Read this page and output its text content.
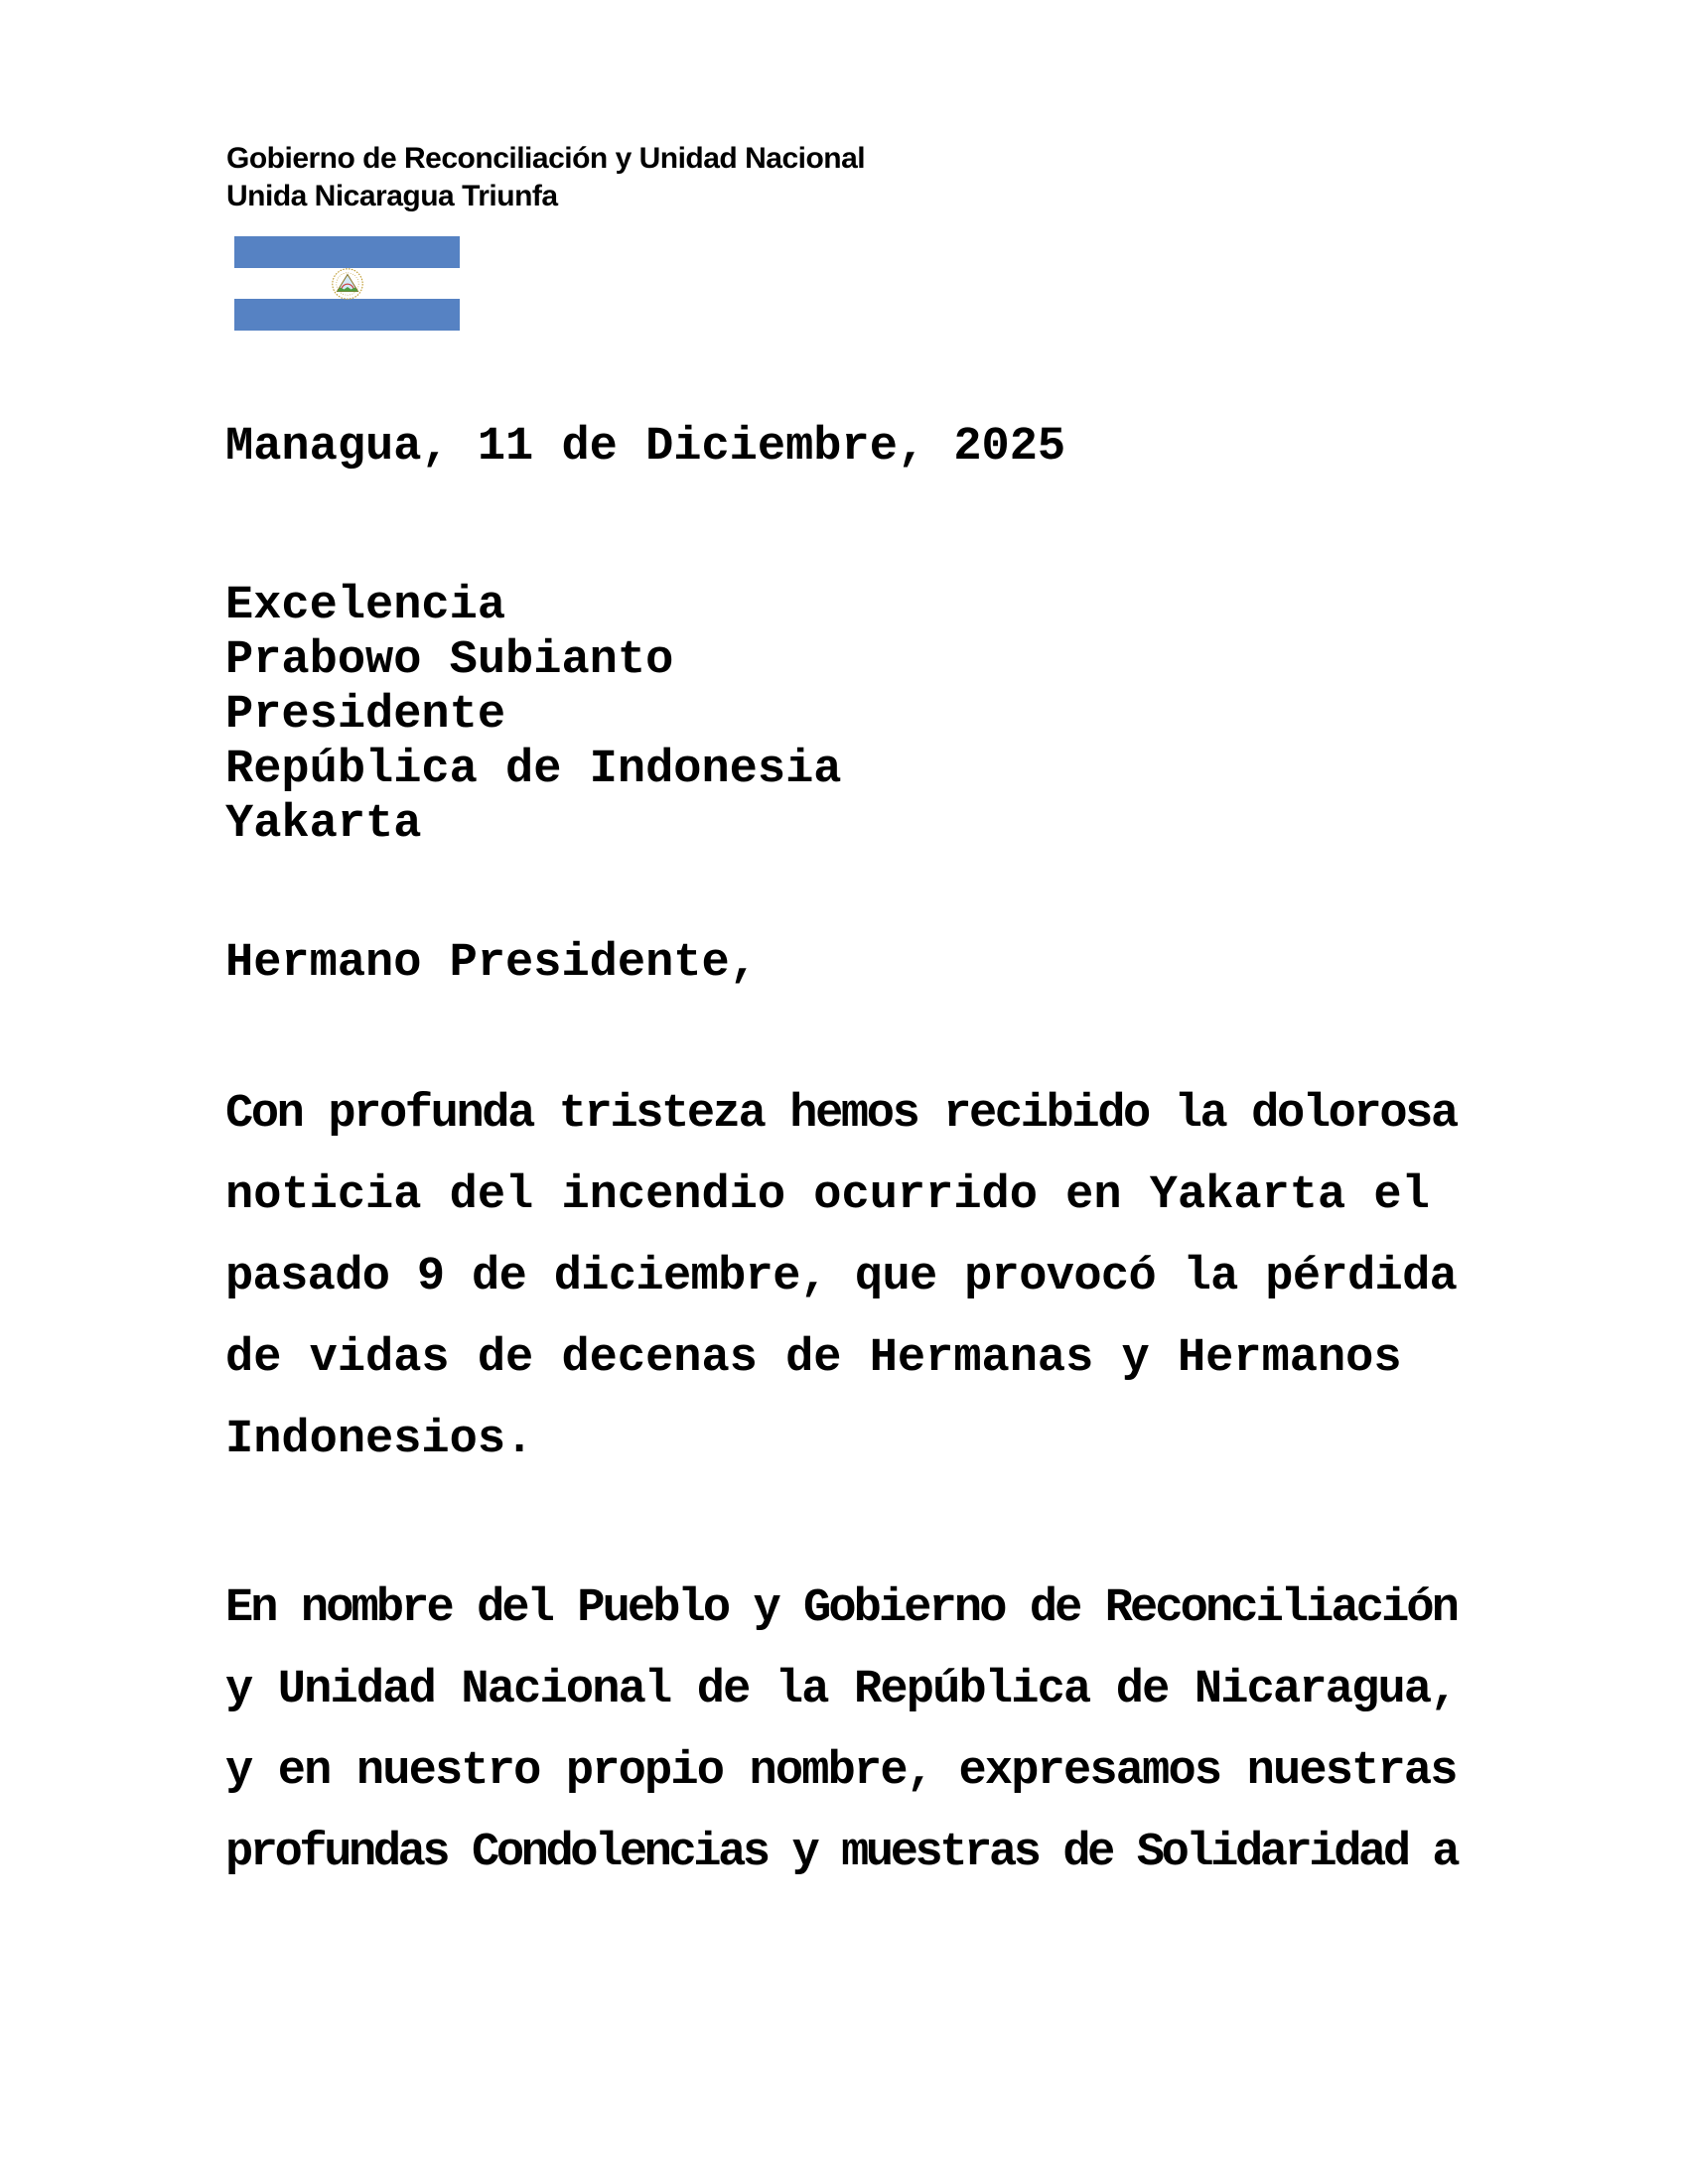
Gobierno de Reconciliación y Unidad Nacional
Unida Nicaragua Triunfa
Managua, 11 de Diciembre, 2025
Excelencia
Prabowo Subianto
Presidente
República de Indonesia
Yakarta
Hermano Presidente,
Con profunda tristeza hemos recibido la dolorosa
noticia del incendio ocurrido en Yakarta el
pasado 9 de diciembre, que provocó la pérdida
de vidas de decenas de Hermanas y Hermanos
Indonesios.
En nombre del Pueblo y Gobierno de Reconciliación
y Unidad Nacional de la República de Nicaragua,
y en nuestro propio nombre, expresamos nuestras
profundas Condolencias y muestras de Solidaridad a
